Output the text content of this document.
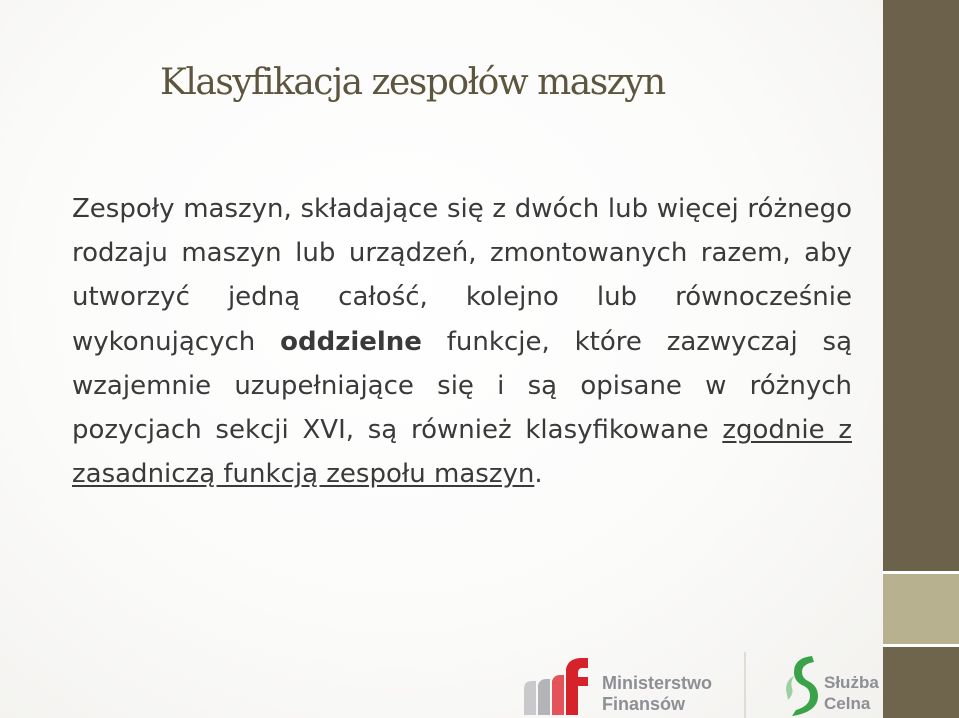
Klasyfikacja zespołów maszyn

Zespoły maszyn, składające się z dwóch lub więcej różnego rodzaju maszyn lub urządzeń, zmontowanych razem, aby utworzyć jedną całość, kolejno lub równocześnie wykonujących oddzielne funkcje, które zazwyczaj są wzajemnie uzupełniające się i są opisane w różnych pozycjach sekcji XVI, są również klasyfikowane zgodnie z zasadniczą funkcją zespołu maszyn.

Ministerstwo
Finansów
Służba
Celna
